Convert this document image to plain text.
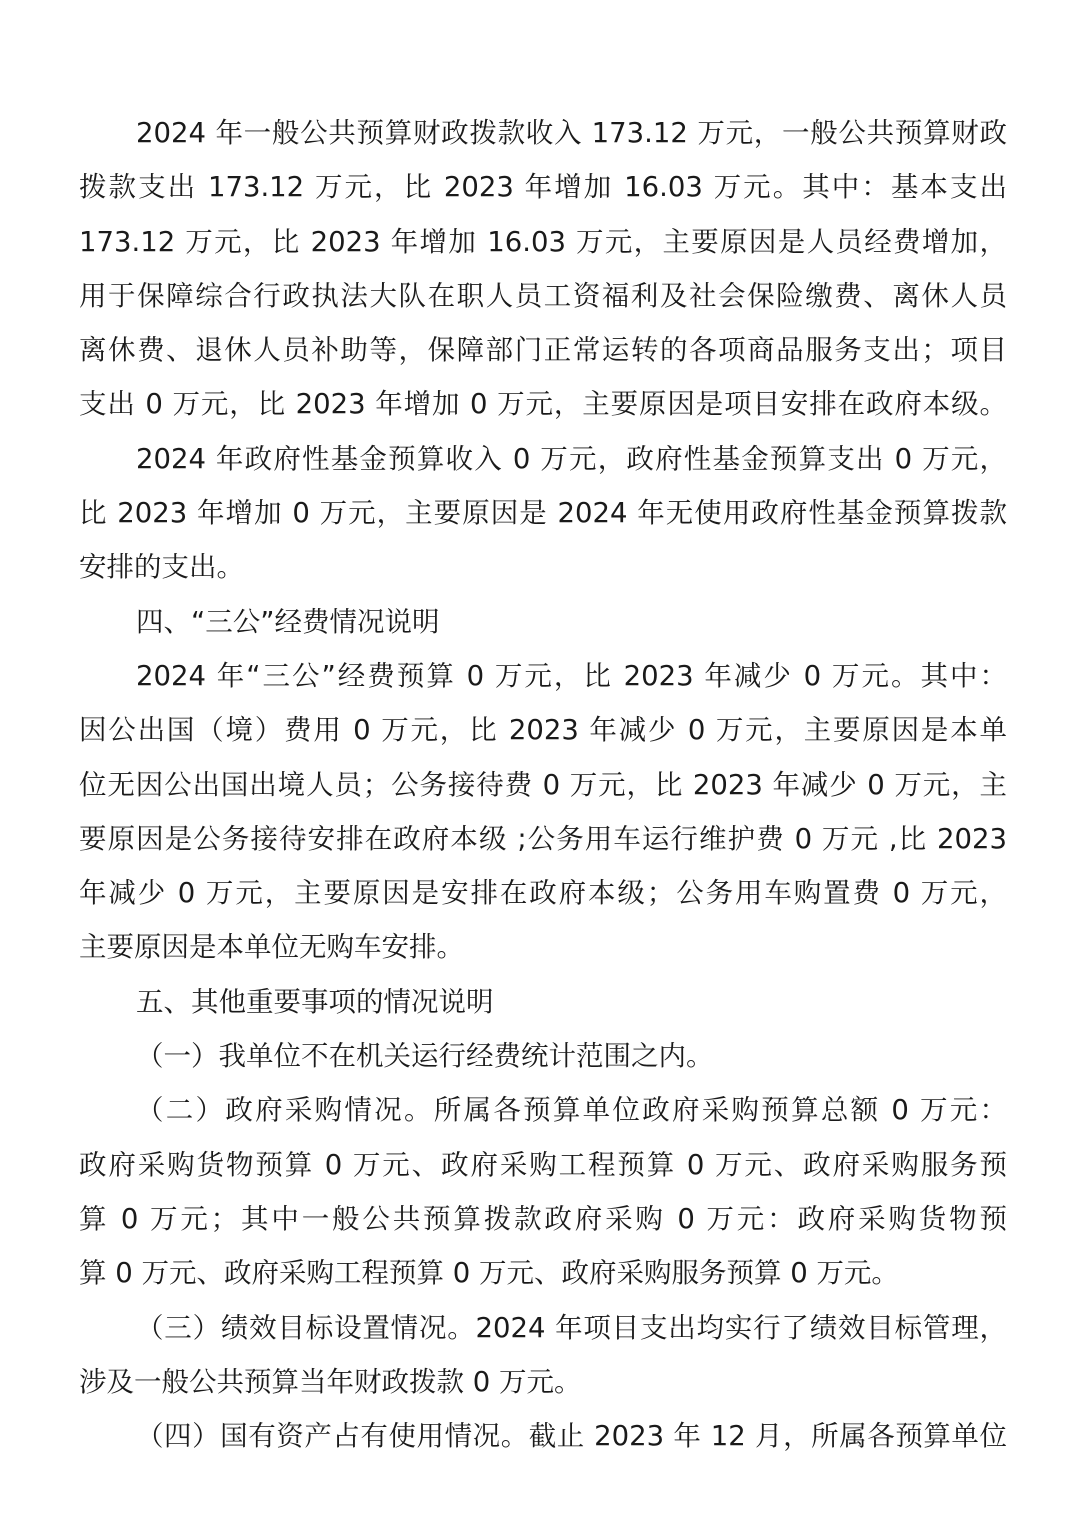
2024 年一般公共预算财政拨款收入 173.12 万元，一般公共预算财政
拨款支出 173.12 万元，比 2023 年增加 16.03 万元。其中：基本支出
173.12 万元，比 2023 年增加 16.03 万元，主要原因是人员经费增加，
用于保障综合行政执法大队在职人员工资福利及社会保险缴费、离休人员
离休费、退休人员补助等，保障部门正常运转的各项商品服务支出；项目
支出 0 万元，比 2023 年增加 0 万元，主要原因是项目安排在政府本级。
2024 年政府性基金预算收入 0 万元，政府性基金预算支出 0 万元，
比 2023 年增加 0 万元，主要原因是 2024 年无使用政府性基金预算拨款
安排的支出。
四、“三公”经费情况说明
2024 年“三公”经费预算 0 万元，比 2023 年减少 0 万元。其中：
因公出国（境）费用 0 万元，比 2023 年减少 0 万元，主要原因是本单
位无因公出国出境人员；公务接待费 0 万元，比 2023 年减少 0 万元，主
要原因是公务接待安排在政府本级 ;公务用车运行维护费 0 万元 ,比 2023
年减少 0 万元，主要原因是安排在政府本级；公务用车购置费 0 万元，
主要原因是本单位无购车安排。
五、其他重要事项的情况说明
（一）我单位不在机关运行经费统计范围之内。
（二）政府采购情况。所属各预算单位政府采购预算总额 0 万元：
政府采购货物预算 0 万元、政府采购工程预算 0 万元、政府采购服务预
算 0 万元；其中一般公共预算拨款政府采购 0 万元：政府采购货物预
算 0 万元、政府采购工程预算 0 万元、政府采购服务预算 0 万元。
（三）绩效目标设置情况。2024 年项目支出均实行了绩效目标管理，
涉及一般公共预算当年财政拨款 0 万元。
（四）国有资产占有使用情况。截止 2023 年 12 月，所属各预算单位
